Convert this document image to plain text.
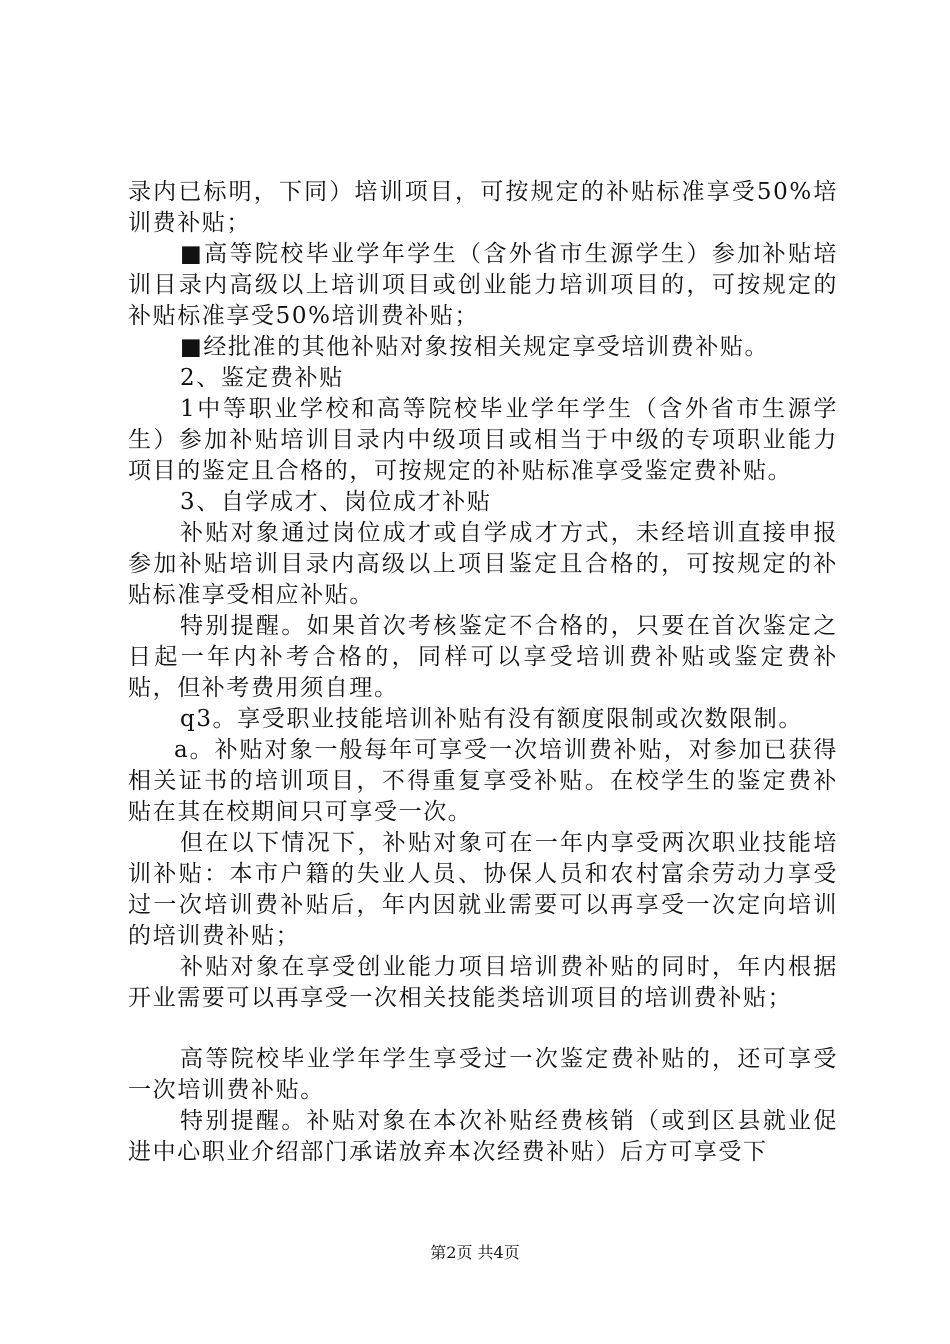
录内已标明，下同）培训项目，可按规定的补贴标准享受50%培训费补贴；

■高等院校毕业学年学生（含外省市生源学生）参加补贴培训目录内高级以上培训项目或创业能力培训项目的，可按规定的补贴标准享受50%培训费补贴；

■经批准的其他补贴对象按相关规定享受培训费补贴。

2、鉴定费补贴

1中等职业学校和高等院校毕业学年学生（含外省市生源学生）参加补贴培训目录内中级项目或相当于中级的专项职业能力项目的鉴定且合格的，可按规定的补贴标准享受鉴定费补贴。

3、自学成才、岗位成才补贴

补贴对象通过岗位成才或自学成才方式，未经培训直接申报参加补贴培训目录内高级以上项目鉴定且合格的，可按规定的补贴标准享受相应补贴。

特别提醒。如果首次考核鉴定不合格的，只要在首次鉴定之日起一年内补考合格的，同样可以享受培训费补贴或鉴定费补贴，但补考费用须自理。

q3。享受职业技能培训补贴有没有额度限制或次数限制。

a。补贴对象一般每年可享受一次培训费补贴，对参加已获得相关证书的培训项目，不得重复享受补贴。在校学生的鉴定费补贴在其在校期间只可享受一次。

但在以下情况下，补贴对象可在一年内享受两次职业技能培训补贴：本市户籍的失业人员、协保人员和农村富余劳动力享受过一次培训费补贴后，年内因就业需要可以再享受一次定向培训的培训费补贴；

补贴对象在享受创业能力项目培训费补贴的同时，年内根据开业需要可以再享受一次相关技能类培训项目的培训费补贴；

高等院校毕业学年学生享受过一次鉴定费补贴的，还可享受一次培训费补贴。

特别提醒。补贴对象在本次补贴经费核销（或到区县就业促进中心职业介绍部门承诺放弃本次经费补贴）后方可享受下

第2页 共4页
